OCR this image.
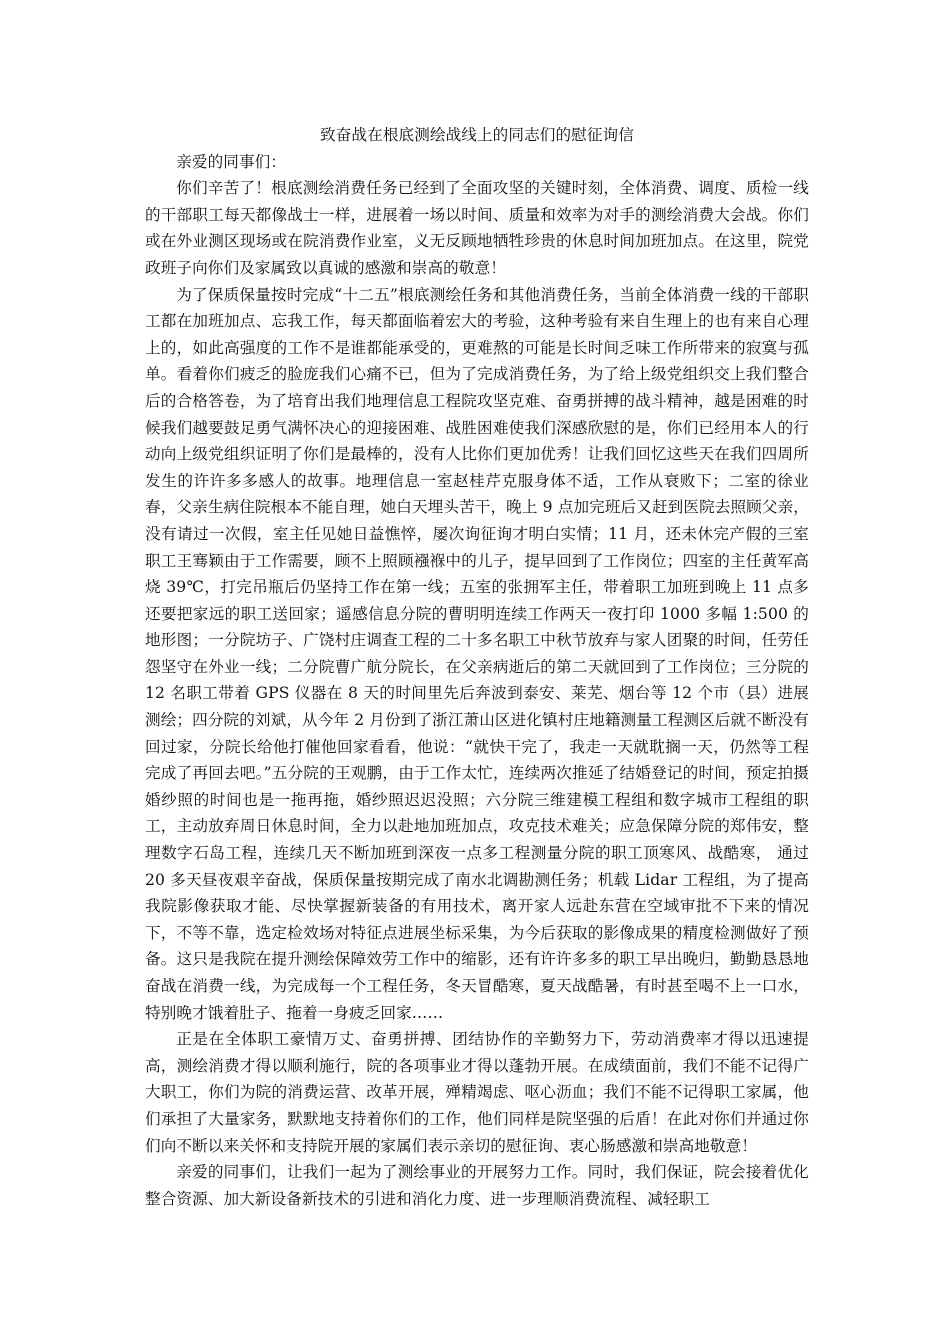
致奋战在根底测绘战线上的同志们的慰征询信

亲爱的同事们：

你们辛苦了！根底测绘消费任务已经到了全面攻坚的关键时刻，全体消费、调度、质检一线的干部职工每天都像战士一样，进展着一场以时间、质量和效率为对手的测绘消费大会战。你们或在外业测区现场或在院消费作业室，义无反顾地牺牲珍贵的休息时间加班加点。在这里，院党政班子向你们及家属致以真诚的感激和崇高的敬意！

为了保质保量按时完成“十二五”根底测绘任务和其他消费任务，当前全体消费一线的干部职工都在加班加点、忘我工作，每天都面临着宏大的考验，这种考验有来自生理上的也有来自心理上的，如此高强度的工作不是谁都能承受的，更难熬的可能是长时间乏味工作所带来的寂寞与孤单。看着你们疲乏的脸庞我们心痛不已，但为了完成消费任务，为了给上级党组织交上我们整合后的合格答卷，为了培育出我们地理信息工程院攻坚克难、奋勇拼搏的战斗精神，越是困难的时候我们越要鼓足勇气满怀决心的迎接困难、战胜困难使我们深感欣慰的是，你们已经用本人的行动向上级党组织证明了你们是最棒的，没有人比你们更加优秀！让我们回忆这些天在我们四周所发生的许许多多感人的故事。地理信息一室赵桂芹克服身体不适，工作从衰败下；二室的徐业春，父亲生病住院根本不能自理，她白天埋头苦干，晚上 9 点加完班后又赶到医院去照顾父亲，没有请过一次假，室主任见她日益憔悴，屡次询征询才明白实情；11 月，还未休完产假的三室职工王骞颖由于工作需要，顾不上照顾襁褓中的儿子，提早回到了工作岗位；四室的主任黄军高烧 39℃，打完吊瓶后仍坚持工作在第一线；五室的张拥军主任，带着职工加班到晚上 11 点多还要把家远的职工送回家；遥感信息分院的曹明明连续工作两天一夜打印 1000 多幅 1:500 的地形图；一分院坊子、广饶村庄调查工程的二十多名职工中秋节放弃与家人团聚的时间，任劳任怨坚守在外业一线；二分院曹广航分院长，在父亲病逝后的第二天就回到了工作岗位；三分院的 12 名职工带着 GPS 仪器在 8 天的时间里先后奔波到泰安、莱芜、烟台等 12 个市（县）进展测绘；四分院的刘斌，从今年 2 月份到了浙江萧山区进化镇村庄地籍测量工程测区后就不断没有回过家，分院长给他打催他回家看看，他说：“就快干完了，我走一天就耽搁一天，仍然等工程完成了再回去吧。”五分院的王观鹏，由于工作太忙，连续两次推延了结婚登记的时间，预定拍摄婚纱照的时间也是一拖再拖，婚纱照迟迟没照；六分院三维建模工程组和数字城市工程组的职工，主动放弃周日休息时间，全力以赴地加班加点，攻克技术难关；应急保障分院的郑伟安，整理数字石岛工程，连续几天不断加班到深夜一点多工程测量分院的职工顶寒风、战酷寒， 通过 20 多天昼夜艰辛奋战，保质保量按期完成了南水北调勘测任务；机载 Lidar 工程组，为了提高我院影像获取才能、尽快掌握新装备的有用技术，离开家人远赴东营在空域审批不下来的情况下，不等不靠，选定检效场对特征点进展坐标采集，为今后获取的影像成果的精度检测做好了预备。这只是我院在提升测绘保障效劳工作中的缩影，还有许许多多的职工早出晚归，勤勤恳恳地奋战在消费一线，为完成每一个工程任务，冬天冒酷寒，夏天战酷暑，有时甚至喝不上一口水，特别晚才饿着肚子、拖着一身疲乏回家……

正是在全体职工豪情万丈、奋勇拼搏、团结协作的辛勤努力下，劳动消费率才得以迅速提高，测绘消费才得以顺利施行，院的各项事业才得以蓬勃开展。在成绩面前，我们不能不记得广大职工，你们为院的消费运营、改革开展，殚精竭虑、呕心沥血；我们不能不记得职工家属，他们承担了大量家务，默默地支持着你们的工作，他们同样是院坚强的后盾！在此对你们并通过你们向不断以来关怀和支持院开展的家属们表示亲切的慰征询、衷心肠感激和崇高地敬意！

亲爱的同事们，让我们一起为了测绘事业的开展努力工作。同时，我们保证，院会接着优化整合资源、加大新设备新技术的引进和消化力度、进一步理顺消费流程、减轻职工
